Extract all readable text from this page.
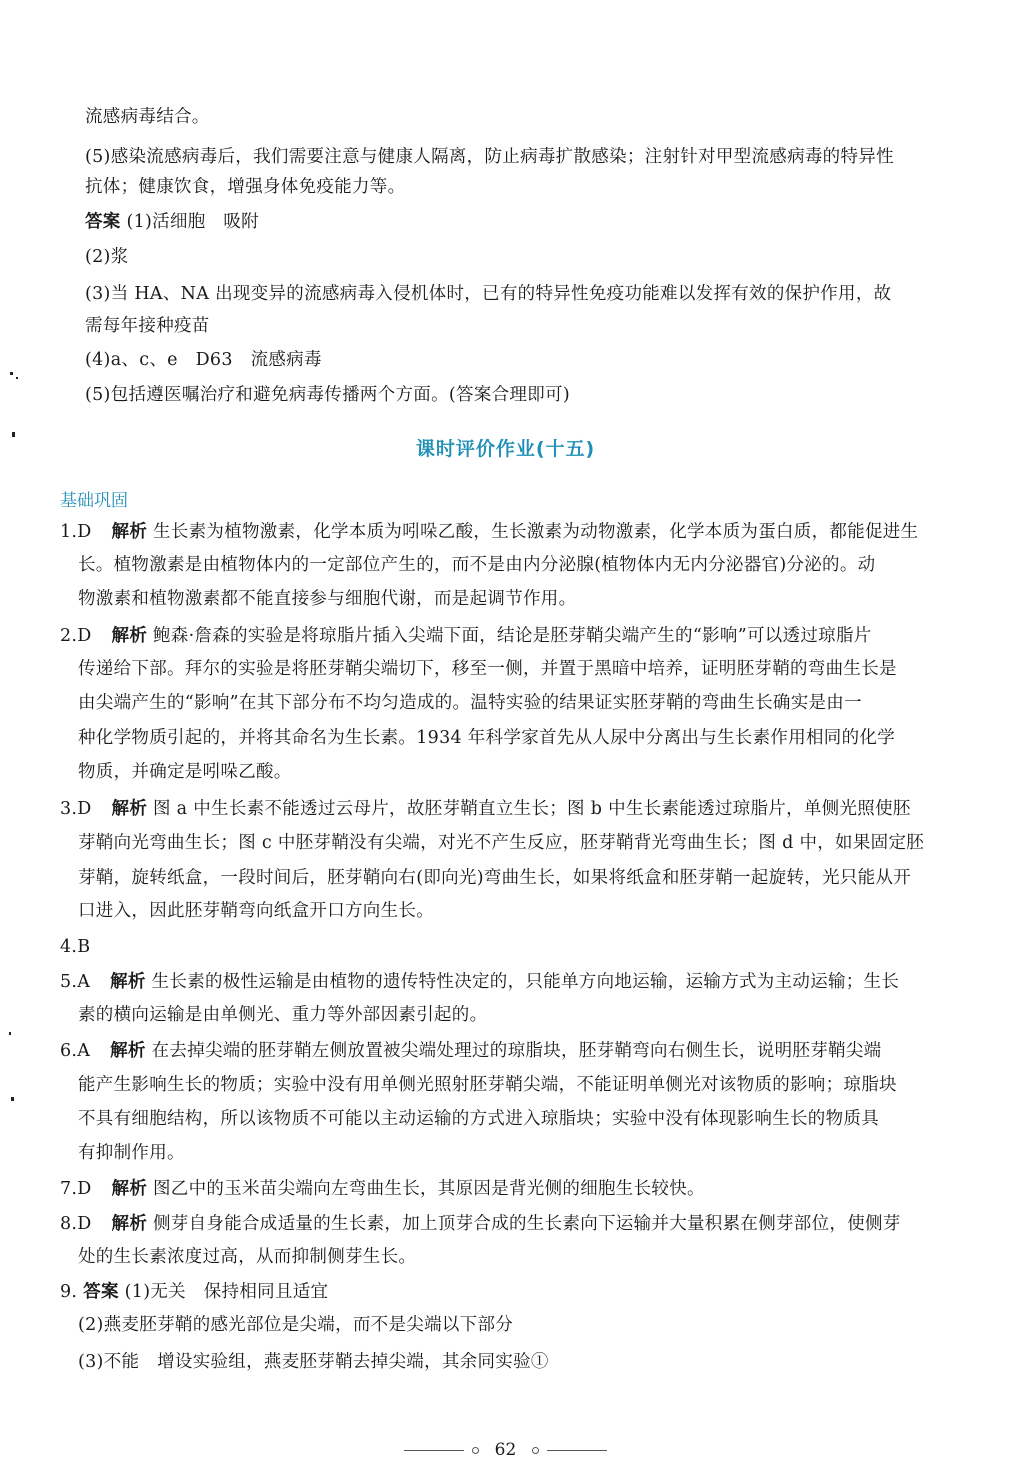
流感病毒结合。
(5)感染流感病毒后，我们需要注意与健康人隔离，防止病毒扩散感染；注射针对甲型流感病毒的特异性
抗体；健康饮食，增强身体免疫能力等。
答案 (1)活细胞　吸附
(2)浆
(3)当 HA、NA 出现变异的流感病毒入侵机体时，已有的特异性免疫功能难以发挥有效的保护作用，故
需每年接种疫苗
(4)a、c、e　D63　流感病毒
(5)包括遵医嘱治疗和避免病毒传播两个方面。(答案合理即可)
课时评价作业(十五)
基础巩固
1.D 解析 生长素为植物激素，化学本质为吲哚乙酸，生长激素为动物激素，化学本质为蛋白质，都能促进生
长。植物激素是由植物体内的一定部位产生的，而不是由内分泌腺(植物体内无内分泌器官)分泌的。动
物激素和植物激素都不能直接参与细胞代谢，而是起调节作用。
2.D 解析 鲍森·詹森的实验是将琼脂片插入尖端下面，结论是胚芽鞘尖端产生的“影响”可以透过琼脂片
传递给下部。拜尔的实验是将胚芽鞘尖端切下，移至一侧，并置于黑暗中培养，证明胚芽鞘的弯曲生长是
由尖端产生的“影响”在其下部分布不均匀造成的。温特实验的结果证实胚芽鞘的弯曲生长确实是由一
种化学物质引起的，并将其命名为生长素。1934 年科学家首先从人尿中分离出与生长素作用相同的化学
物质，并确定是吲哚乙酸。
3.D 解析 图 a 中生长素不能透过云母片，故胚芽鞘直立生长；图 b 中生长素能透过琼脂片，单侧光照使胚
芽鞘向光弯曲生长；图 c 中胚芽鞘没有尖端，对光不产生反应，胚芽鞘背光弯曲生长；图 d 中，如果固定胚
芽鞘，旋转纸盒，一段时间后，胚芽鞘向右(即向光)弯曲生长，如果将纸盒和胚芽鞘一起旋转，光只能从开
口进入，因此胚芽鞘弯向纸盒开口方向生长。
4.B
5.A 解析 生长素的极性运输是由植物的遗传特性决定的，只能单方向地运输，运输方式为主动运输；生长
素的横向运输是由单侧光、重力等外部因素引起的。
6.A 解析 在去掉尖端的胚芽鞘左侧放置被尖端处理过的琼脂块，胚芽鞘弯向右侧生长，说明胚芽鞘尖端
能产生影响生长的物质；实验中没有用单侧光照射胚芽鞘尖端，不能证明单侧光对该物质的影响；琼脂块
不具有细胞结构，所以该物质不可能以主动运输的方式进入琼脂块；实验中没有体现影响生长的物质具
有抑制作用。
7.D 解析 图乙中的玉米苗尖端向左弯曲生长，其原因是背光侧的细胞生长较快。
8.D 解析 侧芽自身能合成适量的生长素，加上顶芽合成的生长素向下运输并大量积累在侧芽部位，使侧芽
处的生长素浓度过高，从而抑制侧芽生长。
9. 答案 (1)无关　保持相同且适宜
(2)燕麦胚芽鞘的感光部位是尖端，而不是尖端以下部分
(3)不能　增设实验组，燕麦胚芽鞘去掉尖端，其余同实验①
62
